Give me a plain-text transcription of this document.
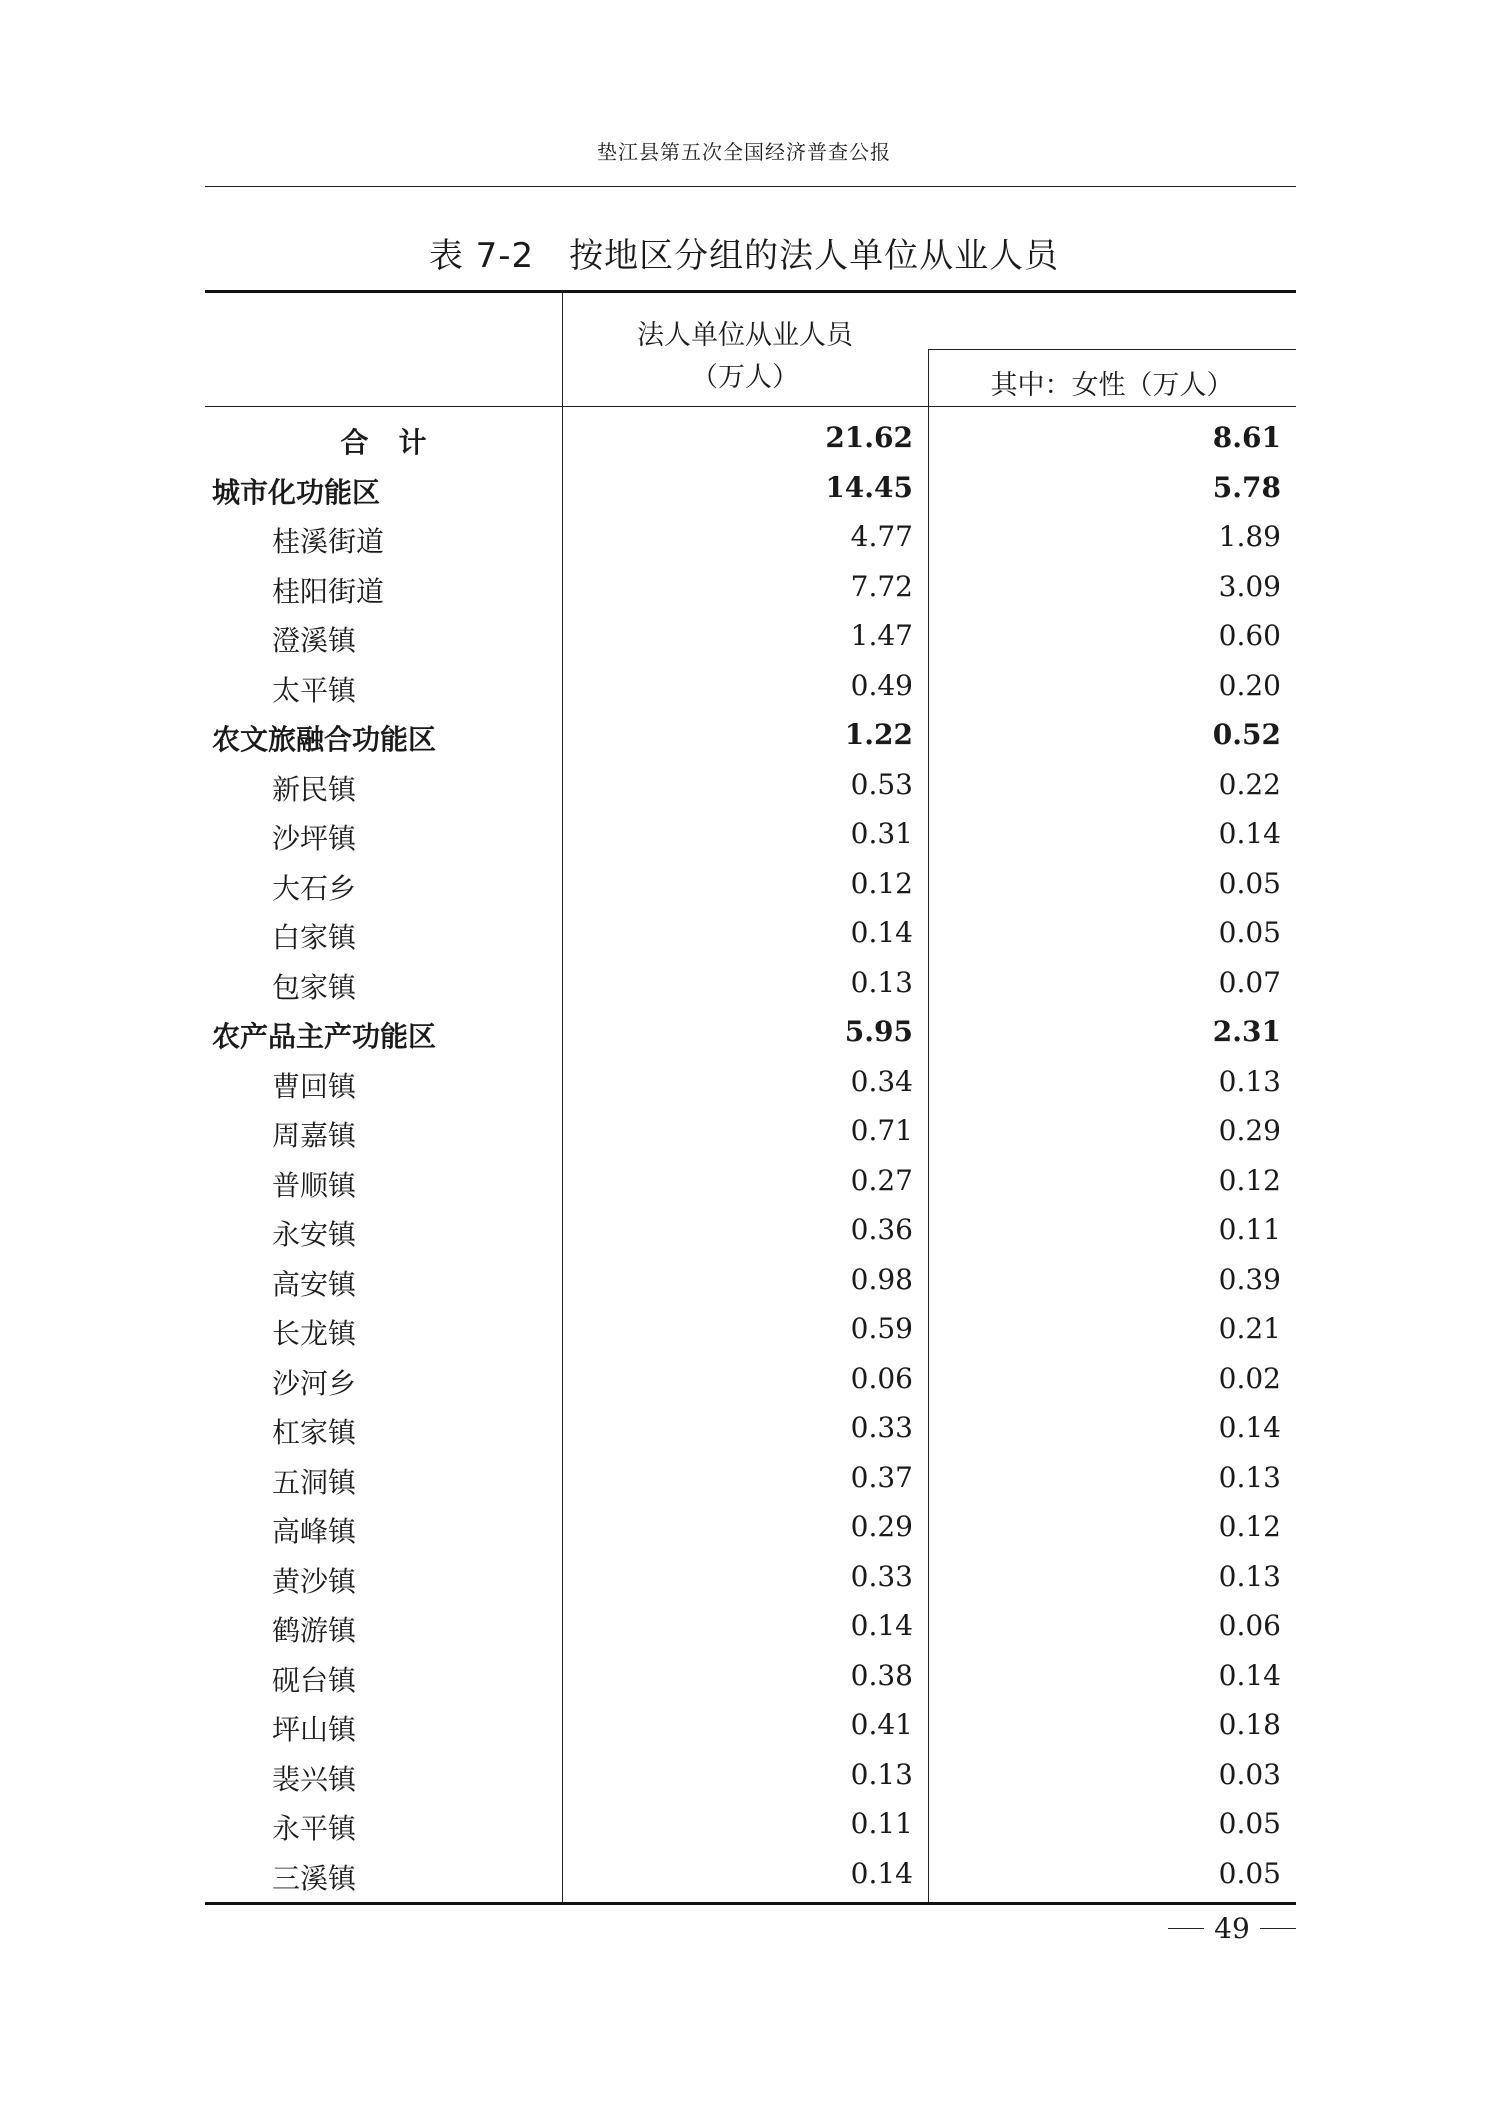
垫江县第五次全国经济普查公报
表 7-2　按地区分组的法人单位从业人员
法人单位从业人员
（万人）	其中：女性（万人）
合计	21.62	8.61
城市化功能区	14.45	5.78
桂溪街道	4.77	1.89
桂阳街道	7.72	3.09
澄溪镇	1.47	0.60
太平镇	0.49	0.20
农文旅融合功能区	1.22	0.52
新民镇	0.53	0.22
沙坪镇	0.31	0.14
大石乡	0.12	0.05
白家镇	0.14	0.05
包家镇	0.13	0.07
农产品主产功能区	5.95	2.31
曹回镇	0.34	0.13
周嘉镇	0.71	0.29
普顺镇	0.27	0.12
永安镇	0.36	0.11
高安镇	0.98	0.39
长龙镇	0.59	0.21
沙河乡	0.06	0.02
杠家镇	0.33	0.14
五洞镇	0.37	0.13
高峰镇	0.29	0.12
黄沙镇	0.33	0.13
鹤游镇	0.14	0.06
砚台镇	0.38	0.14
坪山镇	0.41	0.18
裴兴镇	0.13	0.03
永平镇	0.11	0.05
三溪镇	0.14	0.05
49
